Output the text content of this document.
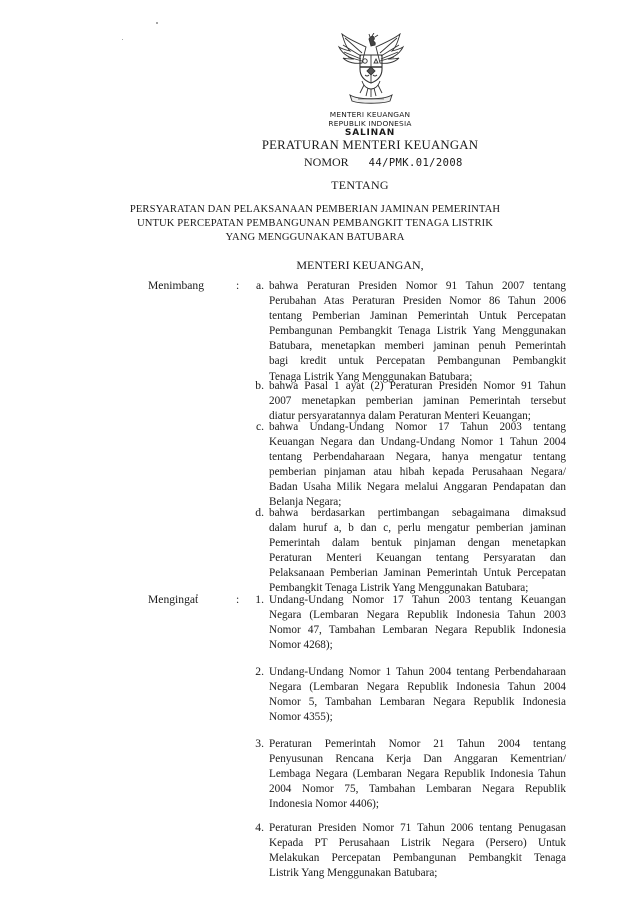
MENTERI KEUANGAN
REPUBLIK INDONESIA
SALINAN
PERATURAN MENTERI KEUANGAN
NOMOR 44/PMK.01/2008
TENTANG
PERSYARATAN DAN PELAKSANAAN PEMBERIAN JAMINAN PEMERINTAH
UNTUK PERCEPATAN PEMBANGUNAN PEMBANGKIT TENAGA LISTRIK
YANG MENGGUNAKAN BATUBARA
MENTERI KEUANGAN,
Menimbang	:	a. bahwa Peraturan Presiden Nomor 91 Tahun 2007 tentang
Perubahan Atas Peraturan Presiden Nomor 86 Tahun 2006
tentang Pemberian Jaminan Pemerintah Untuk Percepatan
Pembangunan Pembangkit Tenaga Listrik Yang Menggunakan
Batubara, menetapkan memberi jaminan penuh Pemerintah
bagi kredit untuk Percepatan Pembangunan Pembangkit
Tenaga Listrik Yang Menggunakan Batubara;
b. bahwa Pasal 1 ayat (2) Peraturan Presiden Nomor 91 Tahun
2007 menetapkan pemberian jaminan Pemerintah tersebut
diatur persyaratannya dalam Peraturan Menteri Keuangan;
c. bahwa Undang-Undang Nomor 17 Tahun 2003 tentang
Keuangan Negara dan Undang-Undang Nomor 1 Tahun 2004
tentang Perbendaharaan Negara, hanya mengatur tentang
pemberian pinjaman atau hibah kepada Perusahaan Negara/
Badan Usaha Milik Negara melalui Anggaran Pendapatan dan
Belanja Negara;
d. bahwa berdasarkan pertimbangan sebagaimana dimaksud
dalam huruf a, b dan c, perlu mengatur pemberian jaminan
Pemerintah dalam bentuk pinjaman dengan menetapkan
Peraturan Menteri Keuangan tentang Persyaratan dan
Pelaksanaan Pemberian Jaminan Pemerintah Untuk Percepatan
Pembangkit Tenaga Listrik Yang Menggunakan Batubara;
Mengingat	:	1. Undang-Undang Nomor 17 Tahun 2003 tentang Keuangan
Negara (Lembaran Negara Republik Indonesia Tahun 2003
Nomor 47, Tambahan Lembaran Negara Republik Indonesia
Nomor 4268);
2. Undang-Undang Nomor 1 Tahun 2004 tentang Perbendaharaan
Negara (Lembaran Negara Republik Indonesia Tahun 2004
Nomor 5, Tambahan Lembaran Negara Republik Indonesia
Nomor 4355);
3. Peraturan Pemerintah Nomor 21 Tahun 2004 tentang
Penyusunan Rencana Kerja Dan Anggaran Kementrian/
Lembaga Negara (Lembaran Negara Republik Indonesia Tahun
2004 Nomor 75, Tambahan Lembaran Negara Republik
Indonesia Nomor 4406);
4. Peraturan Presiden Nomor 71 Tahun 2006 tentang Penugasan
Kepada PT Perusahaan Listrik Negara (Persero) Untuk
Melakukan Percepatan Pembangunan Pembangkit Tenaga
Listrik Yang Menggunakan Batubara;
